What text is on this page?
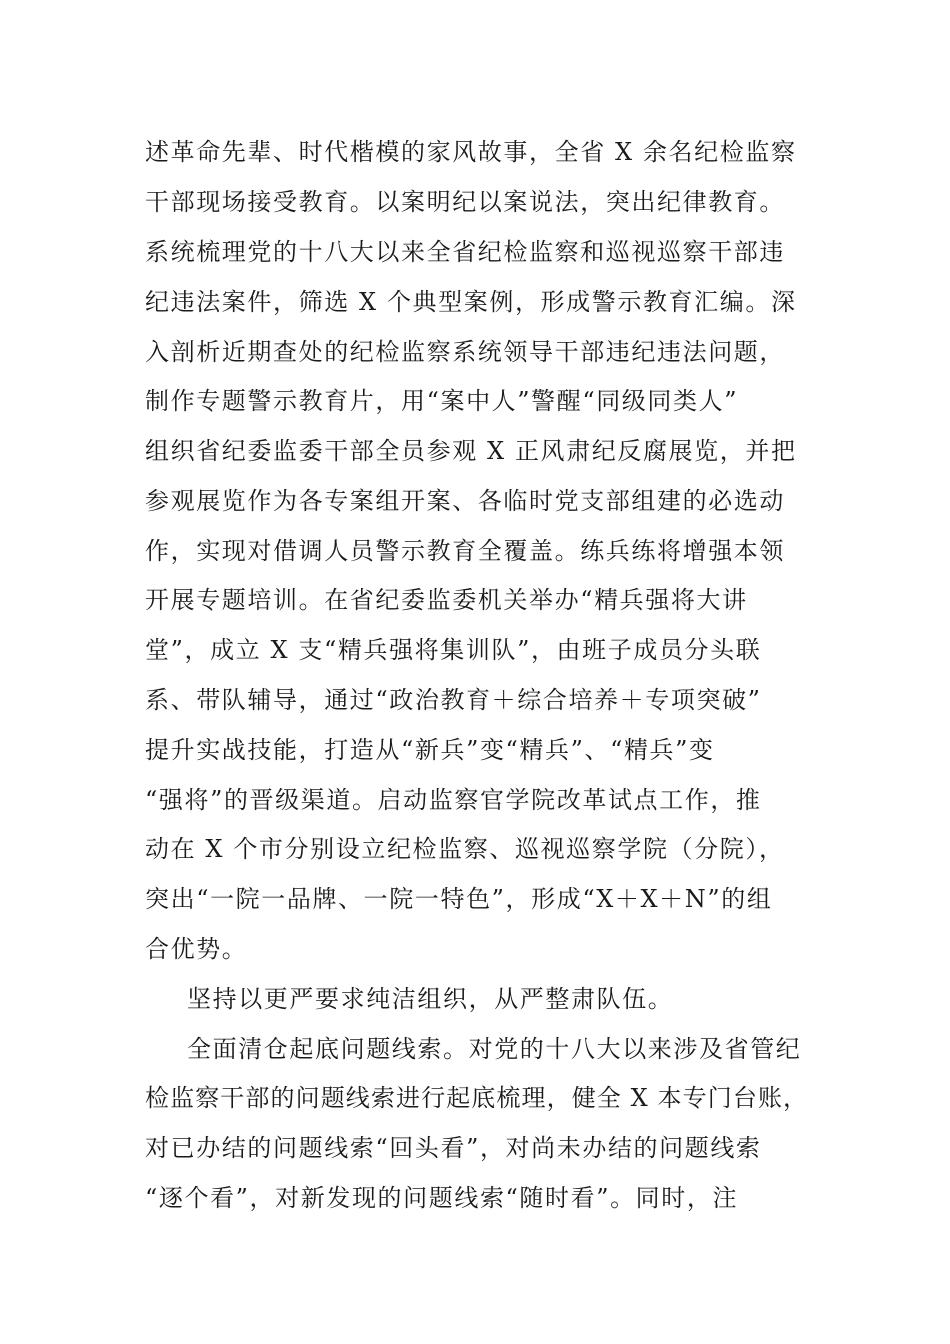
述革命先辈、时代楷模的家风故事，全省 X 余名纪检监察
干部现场接受教育。以案明纪以案说法，突出纪律教育。
系统梳理党的十八大以来全省纪检监察和巡视巡察干部违
纪违法案件，筛选 X 个典型案例，形成警示教育汇编。深
入剖析近期查处的纪检监察系统领导干部违纪违法问题，
制作专题警示教育片，用“案中人”警醒“同级同类人”
组织省纪委监委干部全员参观 X 正风肃纪反腐展览，并把
参观展览作为各专案组开案、各临时党支部组建的必选动
作，实现对借调人员警示教育全覆盖。练兵练将增强本领
开展专题培训。在省纪委监委机关举办“精兵强将大讲
堂”，成立 X 支“精兵强将集训队”，由班子成员分头联
系、带队辅导，通过“政治教育＋综合培养＋专项突破”
提升实战技能，打造从“新兵”变“精兵”、“精兵”变
“强将”的晋级渠道。启动监察官学院改革试点工作，推
动在 X 个市分别设立纪检监察、巡视巡察学院（分院），
突出“一院一品牌、一院一特色”，形成“X＋X＋N”的组
合优势。
坚持以更严要求纯洁组织，从严整肃队伍。
全面清仓起底问题线索。对党的十八大以来涉及省管纪
检监察干部的问题线索进行起底梳理，健全 X 本专门台账，
对已办结的问题线索“回头看”，对尚未办结的问题线索
“逐个看”，对新发现的问题线索“随时看”。同时，注
